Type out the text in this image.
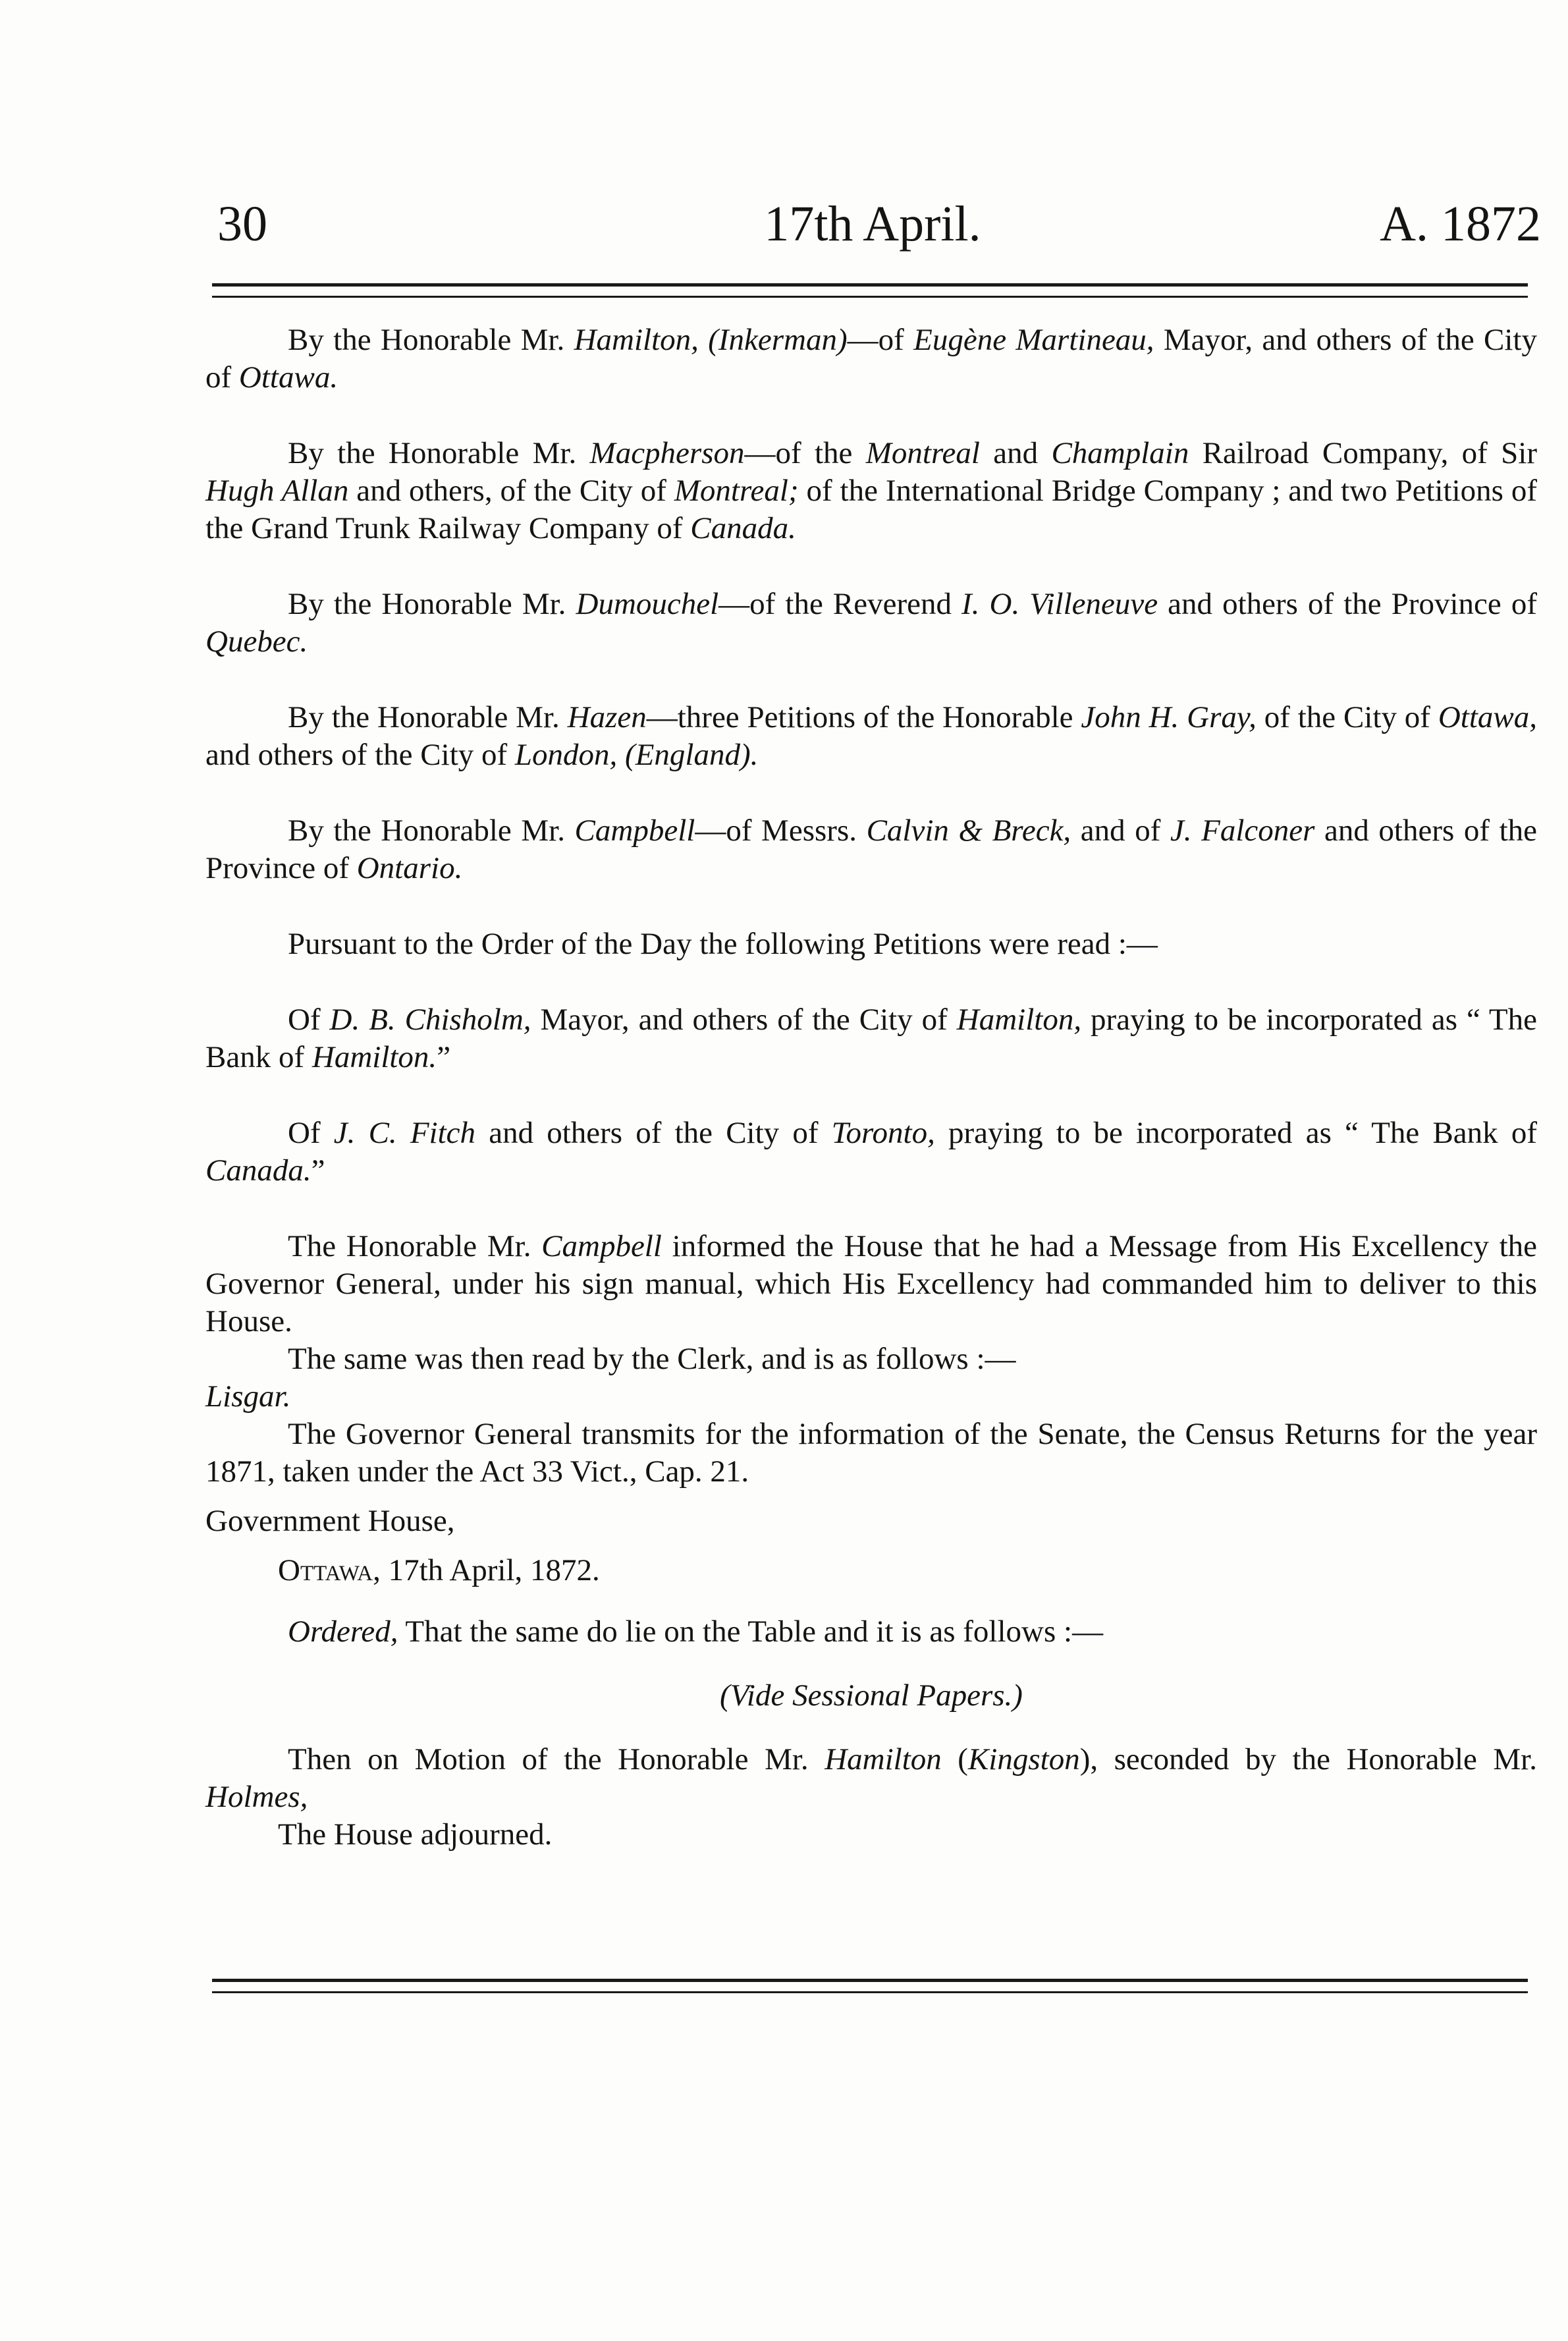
30	17th April.	A. 1872

By the Honorable Mr. Hamilton, (Inkerman)—of Eugène Martineau, Mayor, and others of the City of Ottawa.

By the Honorable Mr. Macpherson—of the Montreal and Champlain Railroad Company, of Sir Hugh Allan and others, of the City of Montreal; of the International Bridge Company ; and two Petitions of the Grand Trunk Railway Company of Canada.

By the Honorable Mr. Dumouchel—of the Reverend I. O. Villeneuve and others of the Province of Quebec.

By the Honorable Mr. Hazen—three Petitions of the Honorable John H. Gray, of the City of Ottawa, and others of the City of London, (England).

By the Honorable Mr. Campbell—of Messrs. Calvin & Breck, and of J. Falconer and others of the Province of Ontario.

Pursuant to the Order of the Day the following Petitions were read :—

Of D. B. Chisholm, Mayor, and others of the City of Hamilton, praying to be incorporated as “ The Bank of Hamilton.”

Of J. C. Fitch and others of the City of Toronto, praying to be incorporated as “ The Bank of Canada.”

The Honorable Mr. Campbell informed the House that he had a Message from His Excellency the Governor General, under his sign manual, which His Excellency had commanded him to deliver to this House.

The same was then read by the Clerk, and is as follows :—

Lisgar.

The Governor General transmits for the information of the Senate, the Census Returns for the year 1871, taken under the Act 33 Vict., Cap. 21.

Government House,

Ottawa, 17th April, 1872.

Ordered, That the same do lie on the Table and it is as follows :—

(Vide Sessional Papers.)

Then on Motion of the Honorable Mr. Hamilton (Kingston), seconded by the Honorable Mr. Holmes,

The House adjourned.
